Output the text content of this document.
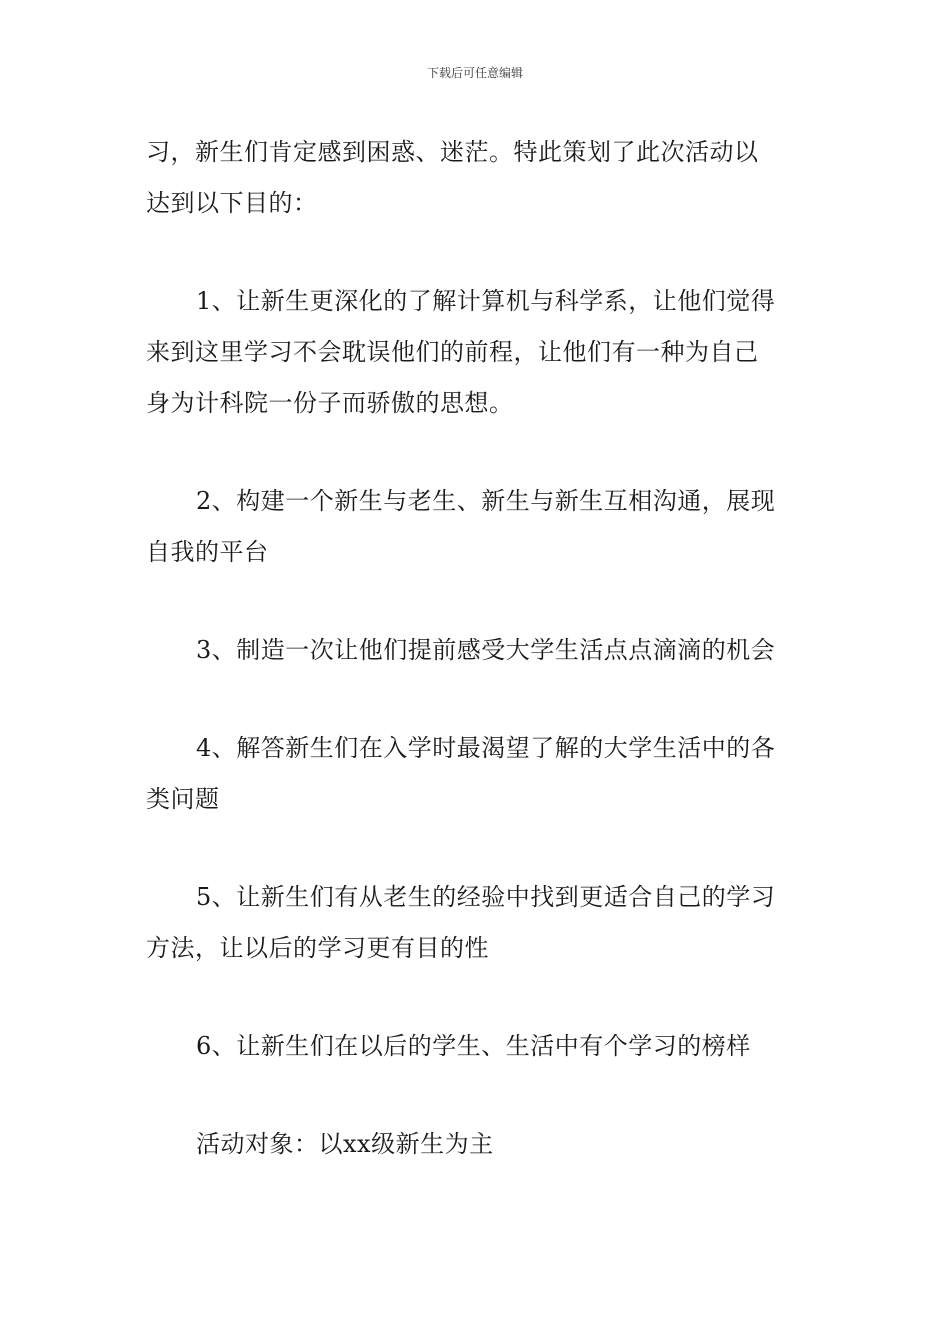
下载后可任意编辑

习，新生们肯定感到困惑、迷茫。特此策划了此次活动以
达到以下目的：

1、让新生更深化的了解计算机与科学系，让他们觉得
来到这里学习不会耽误他们的前程，让他们有一种为自己
身为计科院一份子而骄傲的思想。

2、构建一个新生与老生、新生与新生互相沟通，展现
自我的平台

3、制造一次让他们提前感受大学生活点点滴滴的机会

4、解答新生们在入学时最渴望了解的大学生活中的各
类问题

5、让新生们有从老生的经验中找到更适合自己的学习
方法，让以后的学习更有目的性

6、让新生们在以后的学生、生活中有个学习的榜样

活动对象：以xx级新生为主
